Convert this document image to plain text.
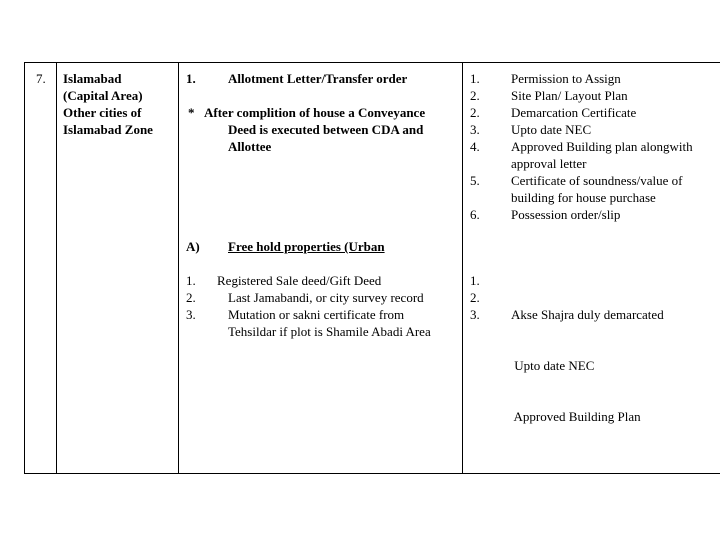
7. Islamabad
(Capital Area)
Other cities of
Islamabad Zone
1. Allotment Letter/Transfer order
* After complition of house a Conveyance
Deed is executed between CDA and
Allottee
A) Free hold properties (Urban
1.
2.
3.
Registered Sale deed/Gift Deed
Last Jamabandi, or city survey record
Mutation or sakni certificate from
Tehsildar if plot is Shamile Abadi Area
1.
2.
2.
3.
4.
5.
6.
Permission to Assign
Site Plan/ Layout Plan
Demarcation Certificate
Upto date NEC
Approved Building plan alongwith
approval letter
Certificate of soundness/value of
building for house purchase
Possession order/slip
1.
2.
3.

Akse Shajra duly demarcated

Upto date NEC

Approved Building Plan
